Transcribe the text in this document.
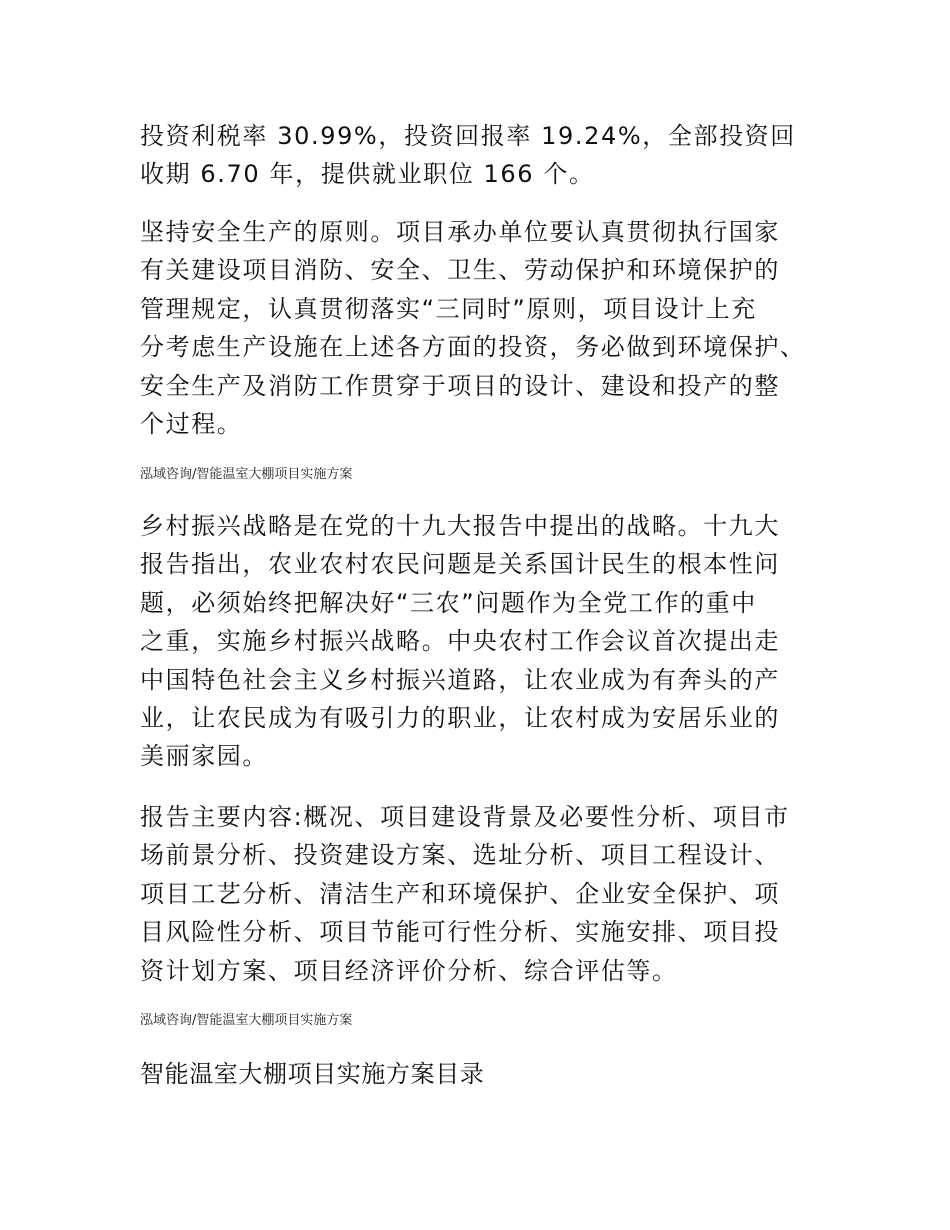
投资利税率 30.99%，投资回报率 19.24%，全部投资回
收期 6.70 年，提供就业职位 166 个。

坚持安全生产的原则。项目承办单位要认真贯彻执行国家
有关建设项目消防、安全、卫生、劳动保护和环境保护的
管理规定，认真贯彻落实“三同时”原则，项目设计上充
分考虑生产设施在上述各方面的投资，务必做到环境保护、
安全生产及消防工作贯穿于项目的设计、建设和投产的整
个过程。

泓域咨询/智能温室大棚项目实施方案

乡村振兴战略是在党的十九大报告中提出的战略。十九大
报告指出，农业农村农民问题是关系国计民生的根本性问
题，必须始终把解决好“三农”问题作为全党工作的重中
之重，实施乡村振兴战略。中央农村工作会议首次提出走
中国特色社会主义乡村振兴道路，让农业成为有奔头的产
业，让农民成为有吸引力的职业，让农村成为安居乐业的
美丽家园。

报告主要内容:概况、项目建设背景及必要性分析、项目市
场前景分析、投资建设方案、选址分析、项目工程设计、
项目工艺分析、清洁生产和环境保护、企业安全保护、项
目风险性分析、项目节能可行性分析、实施安排、项目投
资计划方案、项目经济评价分析、综合评估等。

泓域咨询/智能温室大棚项目实施方案

智能温室大棚项目实施方案目录
